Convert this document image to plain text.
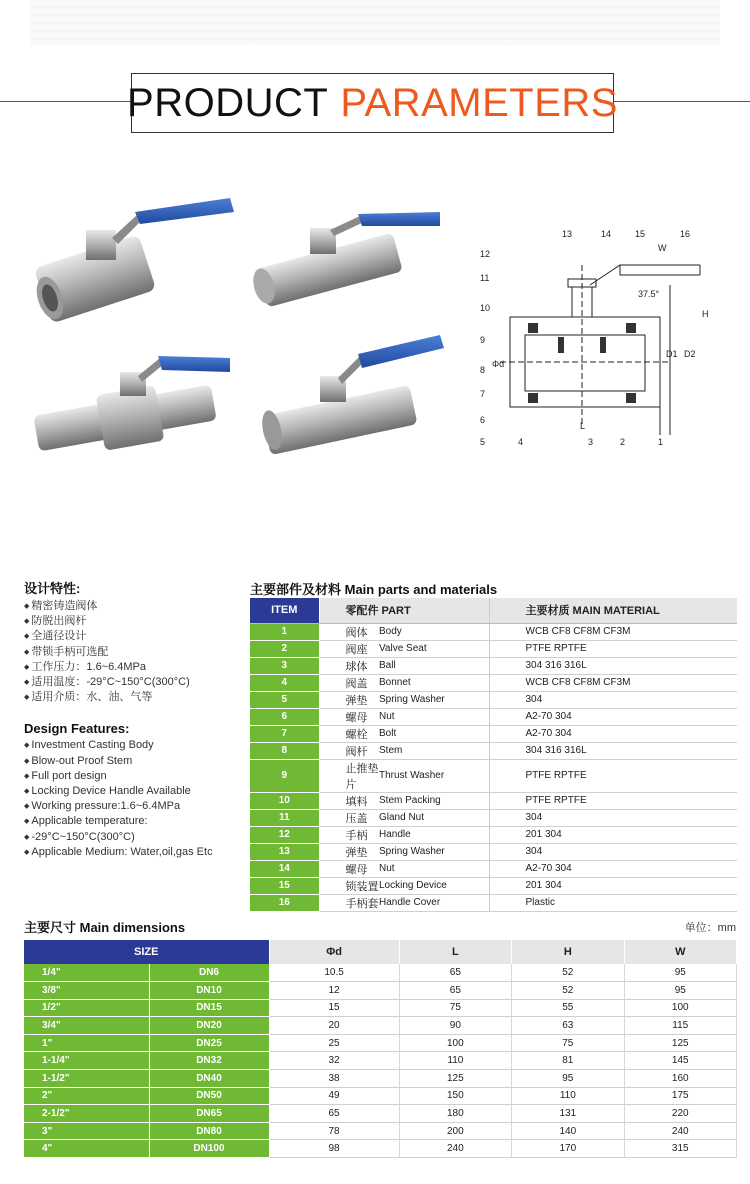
PRODUCT PARAMETERS
13	14	15	16
W
12
11
10
37.5°
H
9
Φd
8
D1 D2
7
L
6
5	4	3	2	1
设计特性:
◆ 精密铸造阀体
◆ 防脱出阀杆
◆ 全通径设计
◆ 带锁手柄可选配
◆ 工作压力：1.6~6.4MPa
◆ 适用温度：-29°C~150°C(300°C)
◆ 适用介质：水、油、气等
Design Features:
◆ Investment Casting Body
◆ Blow-out Proof Stem
◆ Full port design
◆ Locking Device Handle Available
◆ Working pressure:1.6~6.4MPa
◆ Applicable temperature:
◆ -29°C~150°C(300°C)
◆ Applicable Medium: Water,oil,gas Etc
主要部件及材料 Main parts and materials
ITEM	零配件 PART		主要材质 MAIN MATERIAL
1	阀体	Body	WCB CF8 CF8M CF3M
2	阀座	Valve Seat	PTFE RPTFE
3	球体	Ball	304 316 316L
4	阀盖	Bonnet	WCB CF8 CF8M CF3M
5	弹垫	Spring Washer	304
6	螺母	Nut	A2-70 304
7	螺栓	Bolt	A2-70 304
8	阀杆	Stem	304 316 316L
9	止推垫片	Thrust Washer	PTFE RPTFE
10	填料	Stem Packing	PTFE RPTFE
11	压盖	Gland Nut	304
12	手柄	Handle	201 304
13	弹垫	Spring Washer	304
14	螺母	Nut	A2-70 304
15	锁装置	Locking Device	201 304
16	手柄套	Handle Cover	Plastic
主要尺寸 Main dimensions	单位：mm
SIZE		Φd	L	H	W
1/4"	DN6	10.5	65	52	95
3/8"	DN10	12	65	52	95
1/2"	DN15	15	75	55	100
3/4"	DN20	20	90	63	115
1"	DN25	25	100	75	125
1-1/4"	DN32	32	110	81	145
1-1/2"	DN40	38	125	95	160
2"	DN50	49	150	110	175
2-1/2"	DN65	65	180	131	220
3"	DN80	78	200	140	240
4"	DN100	98	240	170	315
